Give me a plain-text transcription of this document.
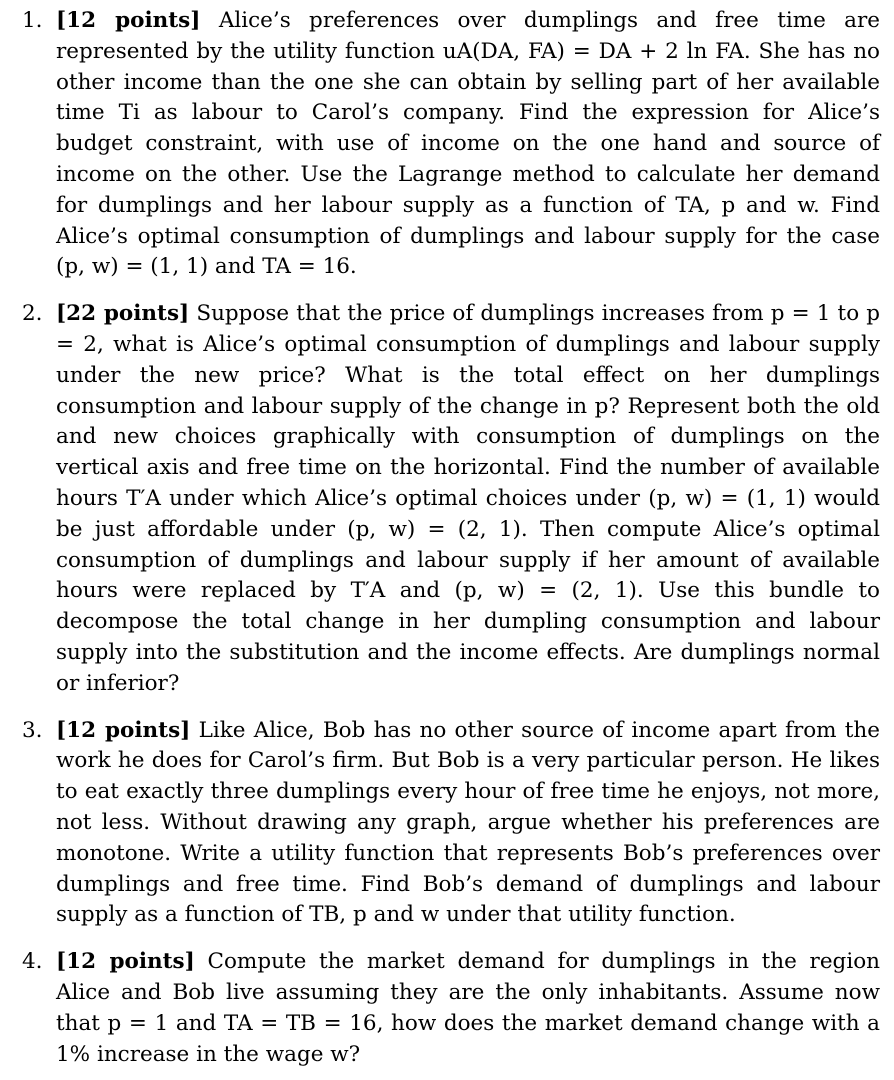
1. [12 points] Alice’s preferences over dumplings and free time are represented by the utility function uA(DA, FA) = DA + 2 ln FA. She has no other income than the one she can obtain by selling part of her available time Ti as labour to Carol’s company. Find the expression for Alice’s budget constraint, with use of income on the one hand and source of income on the other. Use the Lagrange method to calculate her demand for dumplings and her labour supply as a function of TA, p and w. Find Alice’s optimal consumption of dumplings and labour supply for the case (p, w) = (1, 1) and TA = 16.
2. [22 points] Suppose that the price of dumplings increases from p = 1 to p = 2, what is Alice’s optimal consumption of dumplings and labour supply under the new price? What is the total effect on her dumplings consumption and labour supply of the change in p? Represent both the old and new choices graphically with consumption of dumplings on the vertical axis and free time on the horizontal. Find the number of available hours T′A under which Alice’s optimal choices under (p, w) = (1, 1) would be just affordable under (p, w) = (2, 1). Then compute Alice’s optimal consumption of dumplings and labour supply if her amount of available hours were replaced by T′A and (p, w) = (2, 1). Use this bundle to decompose the total change in her dumpling consumption and labour supply into the substitution and the income effects. Are dumplings normal or inferior?
3. [12 points] Like Alice, Bob has no other source of income apart from the work he does for Carol’s firm. But Bob is a very particular person. He likes to eat exactly three dumplings every hour of free time he enjoys, not more, not less. Without drawing any graph, argue whether his preferences are monotone. Write a utility function that represents Bob’s preferences over dumplings and free time. Find Bob’s demand of dumplings and labour supply as a function of TB, p and w under that utility function.
4. [12 points] Compute the market demand for dumplings in the region Alice and Bob live assuming they are the only inhabitants. Assume now that p = 1 and TA = TB = 16, how does the market demand change with a 1% increase in the wage w?
